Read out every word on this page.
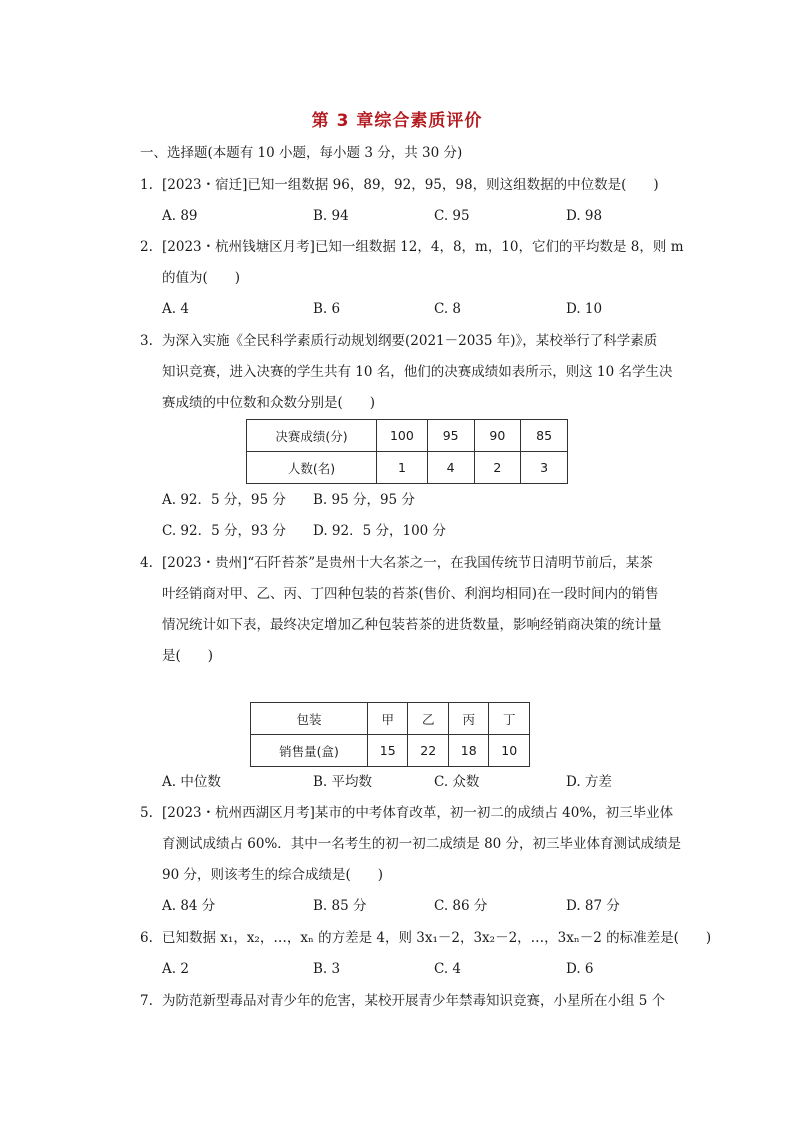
第 3 章综合素质评价
一、选择题(本题有 10 小题，每小题 3 分，共 30 分)
1. [2023・宿迁]已知一组数据 96，89，92，95，98，则这组数据的中位数是(　　)
A. 89	B. 94	C. 95	D. 98
2. [2023・杭州钱塘区月考]已知一组数据 12，4，8，m，10，它们的平均数是 8，则 m
的值为(　　)
A. 4	B. 6	C. 8	D. 10
3. 为深入实施《全民科学素质行动规划纲要(2021－2035 年)》，某校举行了科学素质
知识竞赛，进入决赛的学生共有 10 名，他们的决赛成绩如表所示，则这 10 名学生决
赛成绩的中位数和众数分别是(　　)
决赛成绩(分)	100	95	90	85
人数(名)	1	4	2	3
A. 92．5 分，95 分 B. 95 分，95 分
C. 92．5 分，93 分 D. 92．5 分，100 分
4. [2023・贵州]“石阡苔茶”是贵州十大名茶之一，在我国传统节日清明节前后，某茶
叶经销商对甲、乙、丙、丁四种包装的苔茶(售价、利润均相同)在一段时间内的销售
情况统计如下表，最终决定增加乙种包装苔茶的进货数量，影响经销商决策的统计量
是(　　)
包装	甲	乙	丙	丁
销售量(盒)	15	22	18	10
A. 中位数	B. 平均数	C. 众数	D. 方差
5. [2023・杭州西湖区月考]某市的中考体育改革，初一初二的成绩占 40%，初三毕业体
育测试成绩占 60%．其中一名考生的初一初二成绩是 80 分，初三毕业体育测试成绩是
90 分，则该考生的综合成绩是(　　)
A. 84 分	B. 85 分	C. 86 分	D. 87 分
6. 已知数据 x₁，x₂，…，xₙ 的方差是 4，则 3x₁－2，3x₂－2，…，3xₙ－2 的标准差是(　　)
A. 2	B. 3	C. 4	D. 6
7. 为防范新型毒品对青少年的危害，某校开展青少年禁毒知识竞赛，小星所在小组 5 个
